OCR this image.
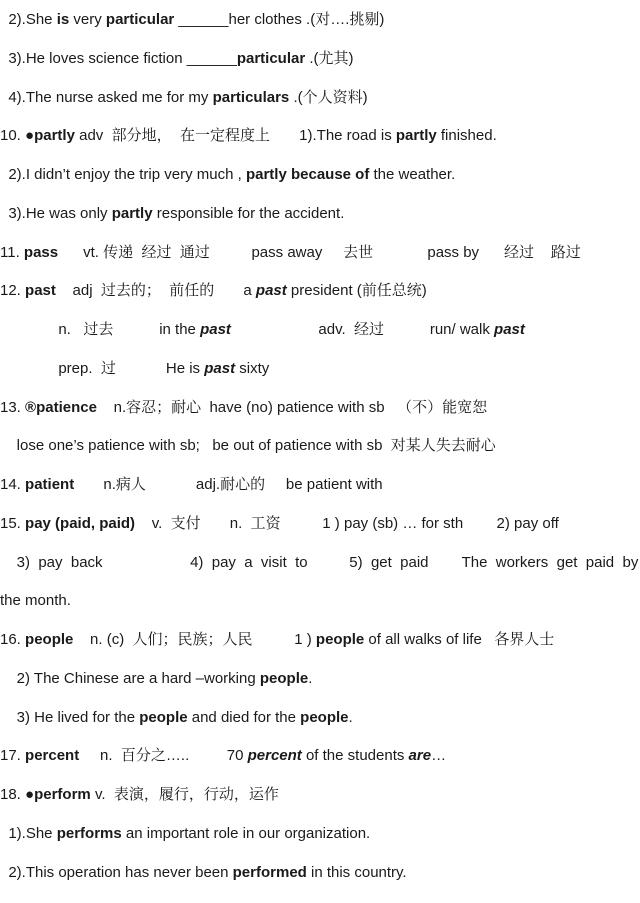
2).She is very particular ______her clothes .(对….挑剔)
3).He loves science fiction ______particular .(尤其)
4).The nurse asked me for my particulars .(个人资料)
10. ●partly adv  部分地，  在一定程度上       1).The road is partly finished.
2).I didn’t enjoy the trip very much , partly because of the weather.
3).He was only partly responsible for the accident.
11. pass      vt. 传递  经过  通过          pass away     去世             pass by      经过    路过
12. past    adj  过去的；  前任的       a past president (前任总统)
n.   过去           in the past                     adv.  经过           run/ walk past
prep.  过            He is past sixty
13. ®patience    n.容忍；耐心  have (no) patience with sb   （不）能宽恕
lose one’s patience with sb;   be out of patience with sb  对某人失去耐心
14. patient       n.病人            adj.耐心的     be patient with
15. pay (paid, paid)    v.  支付       n.  工资          1 ) pay (sb) … for sth        2) pay off
3)  pay  back                     4)  pay  a  visit  to          5)  get  paid        The  workers  get  paid  by
the month.
16. people    n. (c)  人们；民族；人民          1 ) people of all walks of life   各界人士
2) The Chinese are a hard –working people.
3) He lived for the people and died for the people.
17. percent     n.  百分之…..         70 percent of the students are…
18. ●perform v.  表演，履行，行动，运作
1).She performs an important role in our organization.
2).This operation has never been performed in this country.
